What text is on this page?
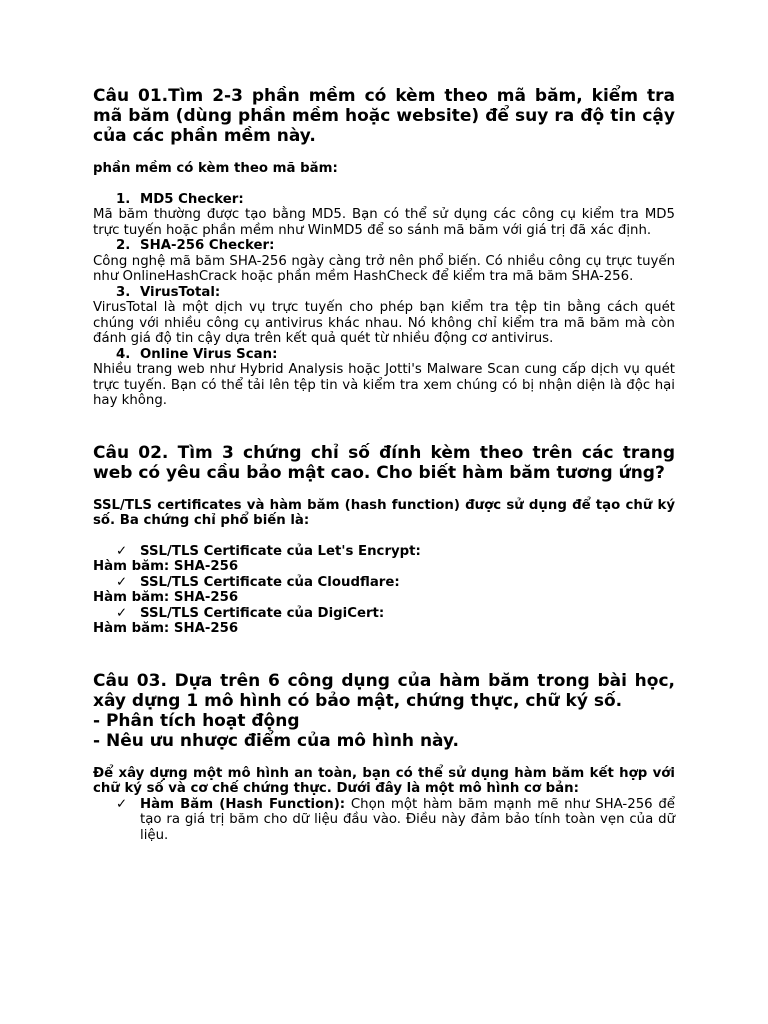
Câu 01.Tìm 2-3 phần mềm có kèm theo mã băm, kiểm tra mã băm (dùng phần mềm hoặc website) để suy ra độ tin cậy của các phần mềm này.

phần mềm có kèm theo mã băm:

1. MD5 Checker:

Mã băm thường được tạo bằng MD5. Bạn có thể sử dụng các công cụ kiểm tra MD5 trực tuyến hoặc phần mềm như WinMD5 để so sánh mã băm với giá trị đã xác định.

2. SHA-256 Checker:

Công nghệ mã băm SHA-256 ngày càng trở nên phổ biến. Có nhiều công cụ trực tuyến như OnlineHashCrack hoặc phần mềm HashCheck để kiểm tra mã băm SHA-256.

3. VirusTotal:

VirusTotal là một dịch vụ trực tuyến cho phép bạn kiểm tra tệp tin bằng cách quét chúng với nhiều công cụ antivirus khác nhau. Nó không chỉ kiểm tra mã băm mà còn đánh giá độ tin cậy dựa trên kết quả quét từ nhiều động cơ antivirus.

4. Online Virus Scan:

Nhiều trang web như Hybrid Analysis hoặc Jotti's Malware Scan cung cấp dịch vụ quét trực tuyến. Bạn có thể tải lên tệp tin và kiểm tra xem chúng có bị nhận diện là độc hại hay không.

Câu 02. Tìm 3 chứng chỉ số đính kèm theo trên các trang web có yêu cầu bảo mật cao. Cho biết hàm băm tương ứng?

SSL/TLS certificates và hàm băm (hash function) được sử dụng để tạo chữ ký số. Ba chứng chỉ phổ biến là:

✓ SSL/TLS Certificate của Let's Encrypt:

Hàm băm: SHA-256

✓ SSL/TLS Certificate của Cloudflare:

Hàm băm: SHA-256

✓ SSL/TLS Certificate của DigiCert:

Hàm băm: SHA-256

Câu 03. Dựa trên 6 công dụng của hàm băm trong bài học, xây dựng 1 mô hình có bảo mật, chứng thực, chữ ký số.

- Phân tích hoạt động

- Nêu ưu nhược điểm của mô hình này.

Để xây dựng một mô hình an toàn, bạn có thể sử dụng hàm băm kết hợp với chữ ký số và cơ chế chứng thực. Dưới đây là một mô hình cơ bản:

✓ Hàm Băm (Hash Function): Chọn một hàm băm mạnh mẽ như SHA-256 để tạo ra giá trị băm cho dữ liệu đầu vào. Điều này đảm bảo tính toàn vẹn của dữ liệu.
